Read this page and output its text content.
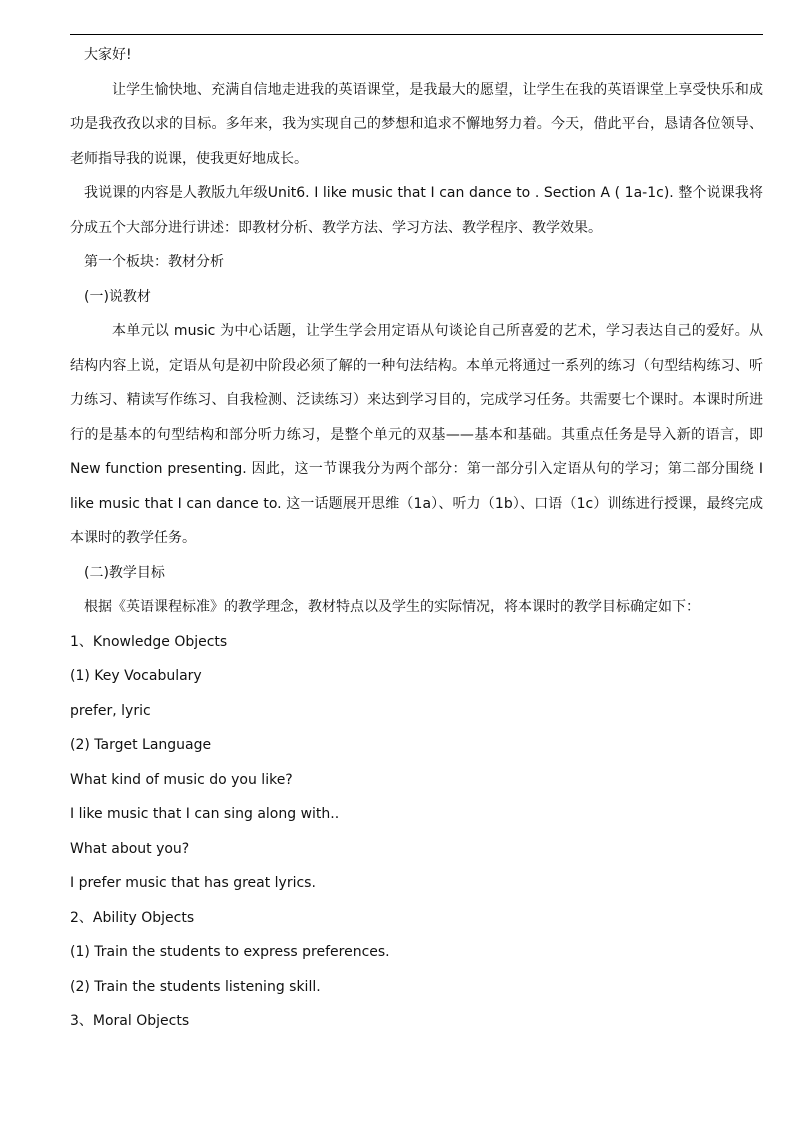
大家好!

让学生愉快地、充满自信地走进我的英语课堂，是我最大的愿望，让学生在我的英语课堂上享受快乐和成功是我孜孜以求的目标。多年来，我为实现自己的梦想和追求不懈地努力着。今天，借此平台，恳请各位领导、老师指导我的说课，使我更好地成长。

我说课的内容是人教版九年级Unit6. I like music that I can dance to . Section A ( 1a-1c). 整个说课我将分成五个大部分进行讲述：即教材分析、教学方法、学习方法、教学程序、教学效果。

第一个板块：教材分析

(一)说教材

本单元以 music 为中心话题，让学生学会用定语从句谈论自己所喜爱的艺术，学习表达自己的爱好。从结构内容上说，定语从句是初中阶段必须了解的一种句法结构。本单元将通过一系列的练习（句型结构练习、听力练习、精读写作练习、自我检测、泛读练习）来达到学习目的，完成学习任务。共需要七个课时。本课时所进行的是基本的句型结构和部分听力练习，是整个单元的双基——基本和基础。其重点任务是导入新的语言，即 New function presenting. 因此，这一节课我分为两个部分：第一部分引入定语从句的学习；第二部分围绕 I like music that I can dance to. 这一话题展开思维（1a）、听力（1b）、口语（1c）训练进行授课，最终完成本课时的教学任务。

(二)教学目标

根据《英语课程标准》的教学理念，教材特点以及学生的实际情况，将本课时的教学目标确定如下：

1、Knowledge Objects

(1) Key Vocabulary

prefer, lyric

(2) Target Language

What kind of music do you like?

I like music that I can sing along with..

What about you?

I prefer music that has great lyrics.

2、Ability Objects

(1) Train the students to express preferences.

(2) Train the students listening skill.

3、Moral Objects
